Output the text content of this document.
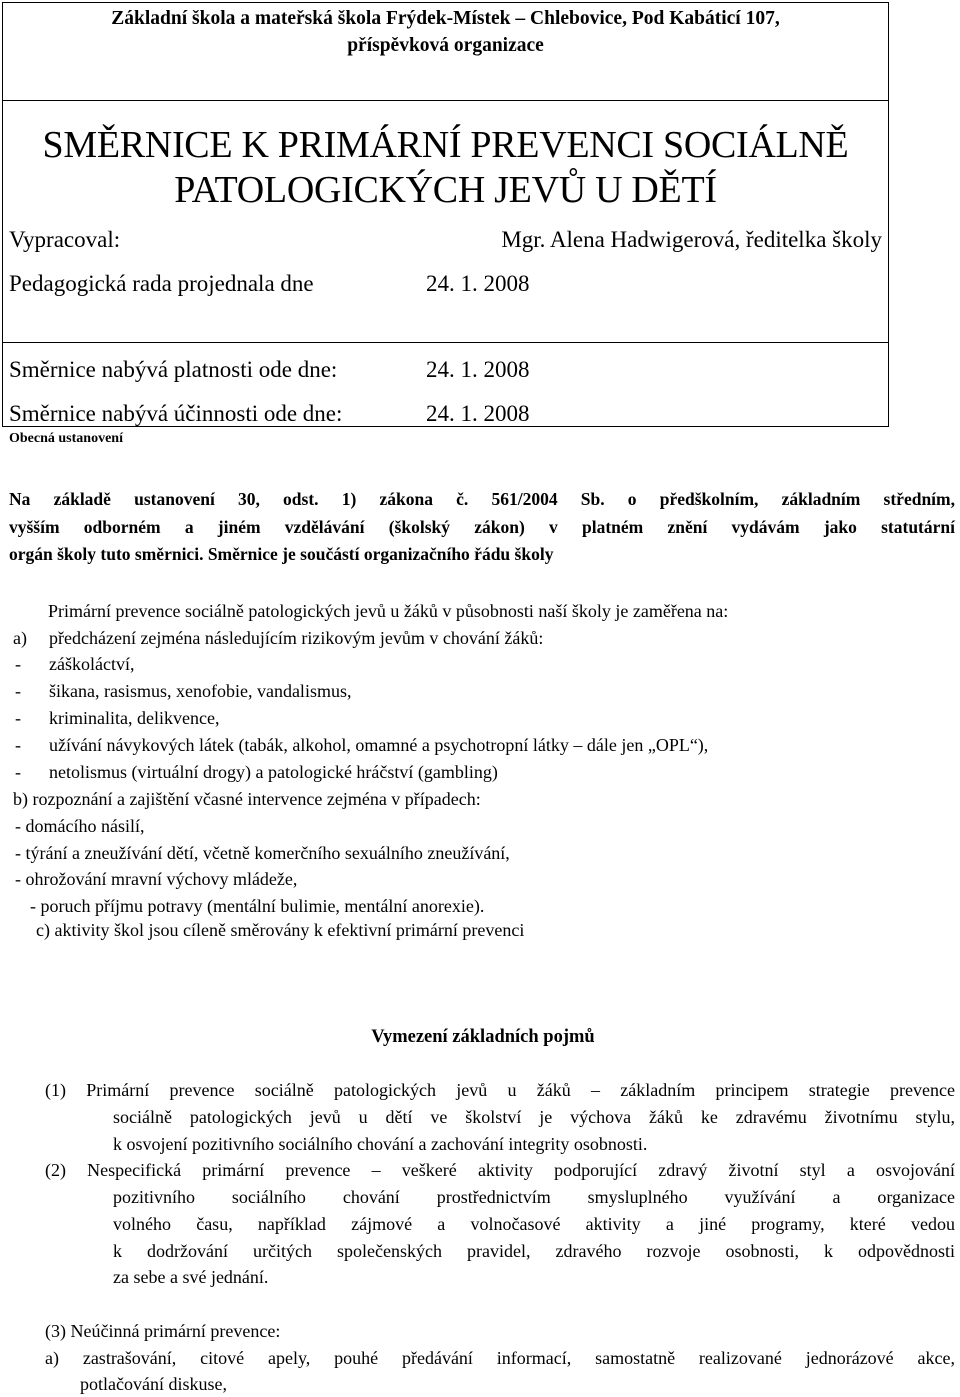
Základní škola a mateřská škola Frýdek-Místek – Chlebovice, Pod Kabáticí 107,
příspěvková organizace
SMĚRNICE K PRIMÁRNÍ PREVENCI SOCIÁLNĚ
PATOLOGICKÝCH JEVŮ U DĚTÍ
Vypracoval:	Mgr. Alena Hadwigerová, ředitelka školy
Pedagogická rada projednala dne	24. 1. 2008
Směrnice nabývá platnosti ode dne:	24. 1. 2008
Směrnice nabývá účinnosti ode dne:	24. 1. 2008
Obecná ustanovení
Na základě ustanovení 30, odst. 1) zákona č. 561/2004 Sb. o předškolním, základním středním,
vyšším odborném a jiném vzdělávání (školský zákon) v platném znění vydávám jako statutární
orgán školy tuto směrnici. Směrnice je součástí organizačního řádu školy
Primární prevence sociálně patologických jevů u žáků v působnosti naší školy je zaměřena na:
a) předcházení zejména následujícím rizikovým jevům v chování žáků:
- záškoláctví,
- šikana, rasismus, xenofobie, vandalismus,
- kriminalita, delikvence,
- užívání návykových látek (tabák, alkohol, omamné a psychotropní látky – dále jen „OPL“),
- netolismus (virtuální drogy) a patologické hráčství (gambling)
b) rozpoznání a zajištění včasné intervence zejména v případech:
- domácího násilí,
- týrání a zneužívání dětí, včetně komerčního sexuálního zneužívání,
- ohrožování mravní výchovy mládeže,
- poruch příjmu potravy (mentální bulimie, mentální anorexie).
c) aktivity škol jsou cíleně směrovány k efektivní primární prevenci
Vymezení základních pojmů
(1) Primární prevence sociálně patologických jevů u žáků – základním principem strategie prevence
sociálně patologických jevů u dětí ve školství je výchova žáků ke zdravému životnímu stylu,
k osvojení pozitivního sociálního chování a zachování integrity osobnosti.
(2) Nespecifická primární prevence – veškeré aktivity podporující zdravý životní styl a osvojování
pozitivního sociálního chování prostřednictvím smysluplného využívání a organizace
volného času, například zájmové a volnočasové aktivity a jiné programy, které vedou
k dodržování určitých společenských pravidel, zdravého rozvoje osobnosti, k odpovědnosti
za sebe a své jednání.
(3) Neúčinná primární prevence:
a) zastrašování, citové apely, pouhé předávání informací, samostatně realizované jednorázové akce,
potlačování diskuse,
